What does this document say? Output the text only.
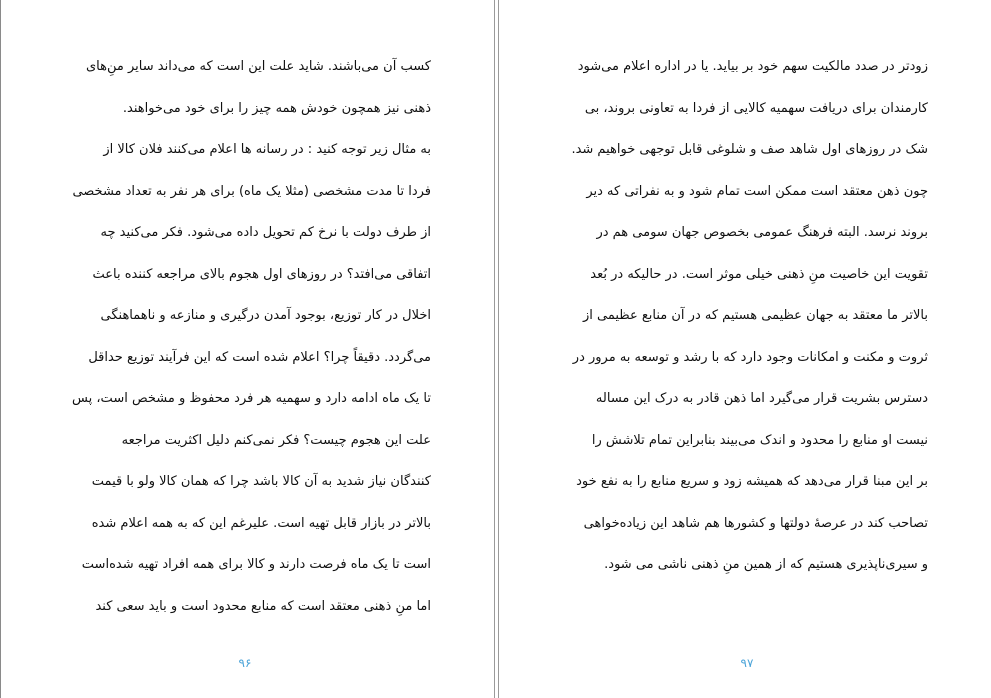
کسب آن می‌باشند. شاید علت این است که می‌داند سایر منِ‌های
ذهنی نیز همچون خودش همه چیز را برای خود می‌خواهند.
به مثال زیر توجه کنید : در رسانه ها اعلام می‌کنند فلان کالا از
فردا تا مدت مشخصی (مثلا یک ماه) برای هر نفر به تعداد مشخصی
از طرف دولت با نرخ کم تحویل داده می‌شود. فکر می‌کنید چه
اتفاقی می‌افتد؟ در روزهای اول هجوم بالای مراجعه کننده باعث
اخلال در کار توزیع، بوجود آمدن درگیری و منازعه و ناهماهنگی
می‌گردد. دقیقاً چرا؟ اعلام شده است که این فرآیند توزیع حداقل
تا یک ماه ادامه دارد و سهمیه هر فرد محفوظ و مشخص است، پس
علت این هجوم چیست؟ فکر نمی‌کنم دلیل اکثریت مراجعه
کنندگان نیاز شدید به آن کالا باشد چرا که همان کالا ولو با قیمت
بالاتر در بازار قابل تهیه است. علیرغم این که به همه اعلام شده
است تا یک ماه فرصت دارند و کالا برای همه افراد تهیه شده‌است
اما منِ ذهنی معتقد است که منابع محدود است و باید سعی کند
۹۶
زودتر در صدد مالکیت سهم خود بر بیاید. یا در اداره اعلام می‌شود
کارمندان برای دریافت سهمیه کالایی از فردا به تعاونی بروند، بی
شک در روزهای اول شاهد صف و شلوغی قابل توجهی خواهیم شد.
چون ذهن معتقد است ممکن است تمام شود و به نفراتی که دیر
بروند نرسد. البته فرهنگ عمومی بخصوص جهان سومی هم در
تقویت این خاصیت منِ ذهنی خیلی موثر است. در حالیکه در بُعد
بالاتر ما معتقد به جهان عظیمی هستیم که در آن منابع عظیمی از
ثروت و مکنت و امکانات وجود دارد که با رشد و توسعه به مرور در
دسترس بشریت قرار می‌گیرد اما ذهن قادر به درک این مساله
نیست او منابع را محدود و اندک می‌بیند بنابراین تمام تلاشش را
بر این مبنا قرار می‌دهد که همیشه زود و سریع منابع را به نفع خود
تصاحب کند در عرصهٔ دولتها و کشورها هم شاهد این زیاده‌خواهی
و سیری‌ناپذیری هستیم که از همین منِ ذهنی ناشی می شود.
۹۷
